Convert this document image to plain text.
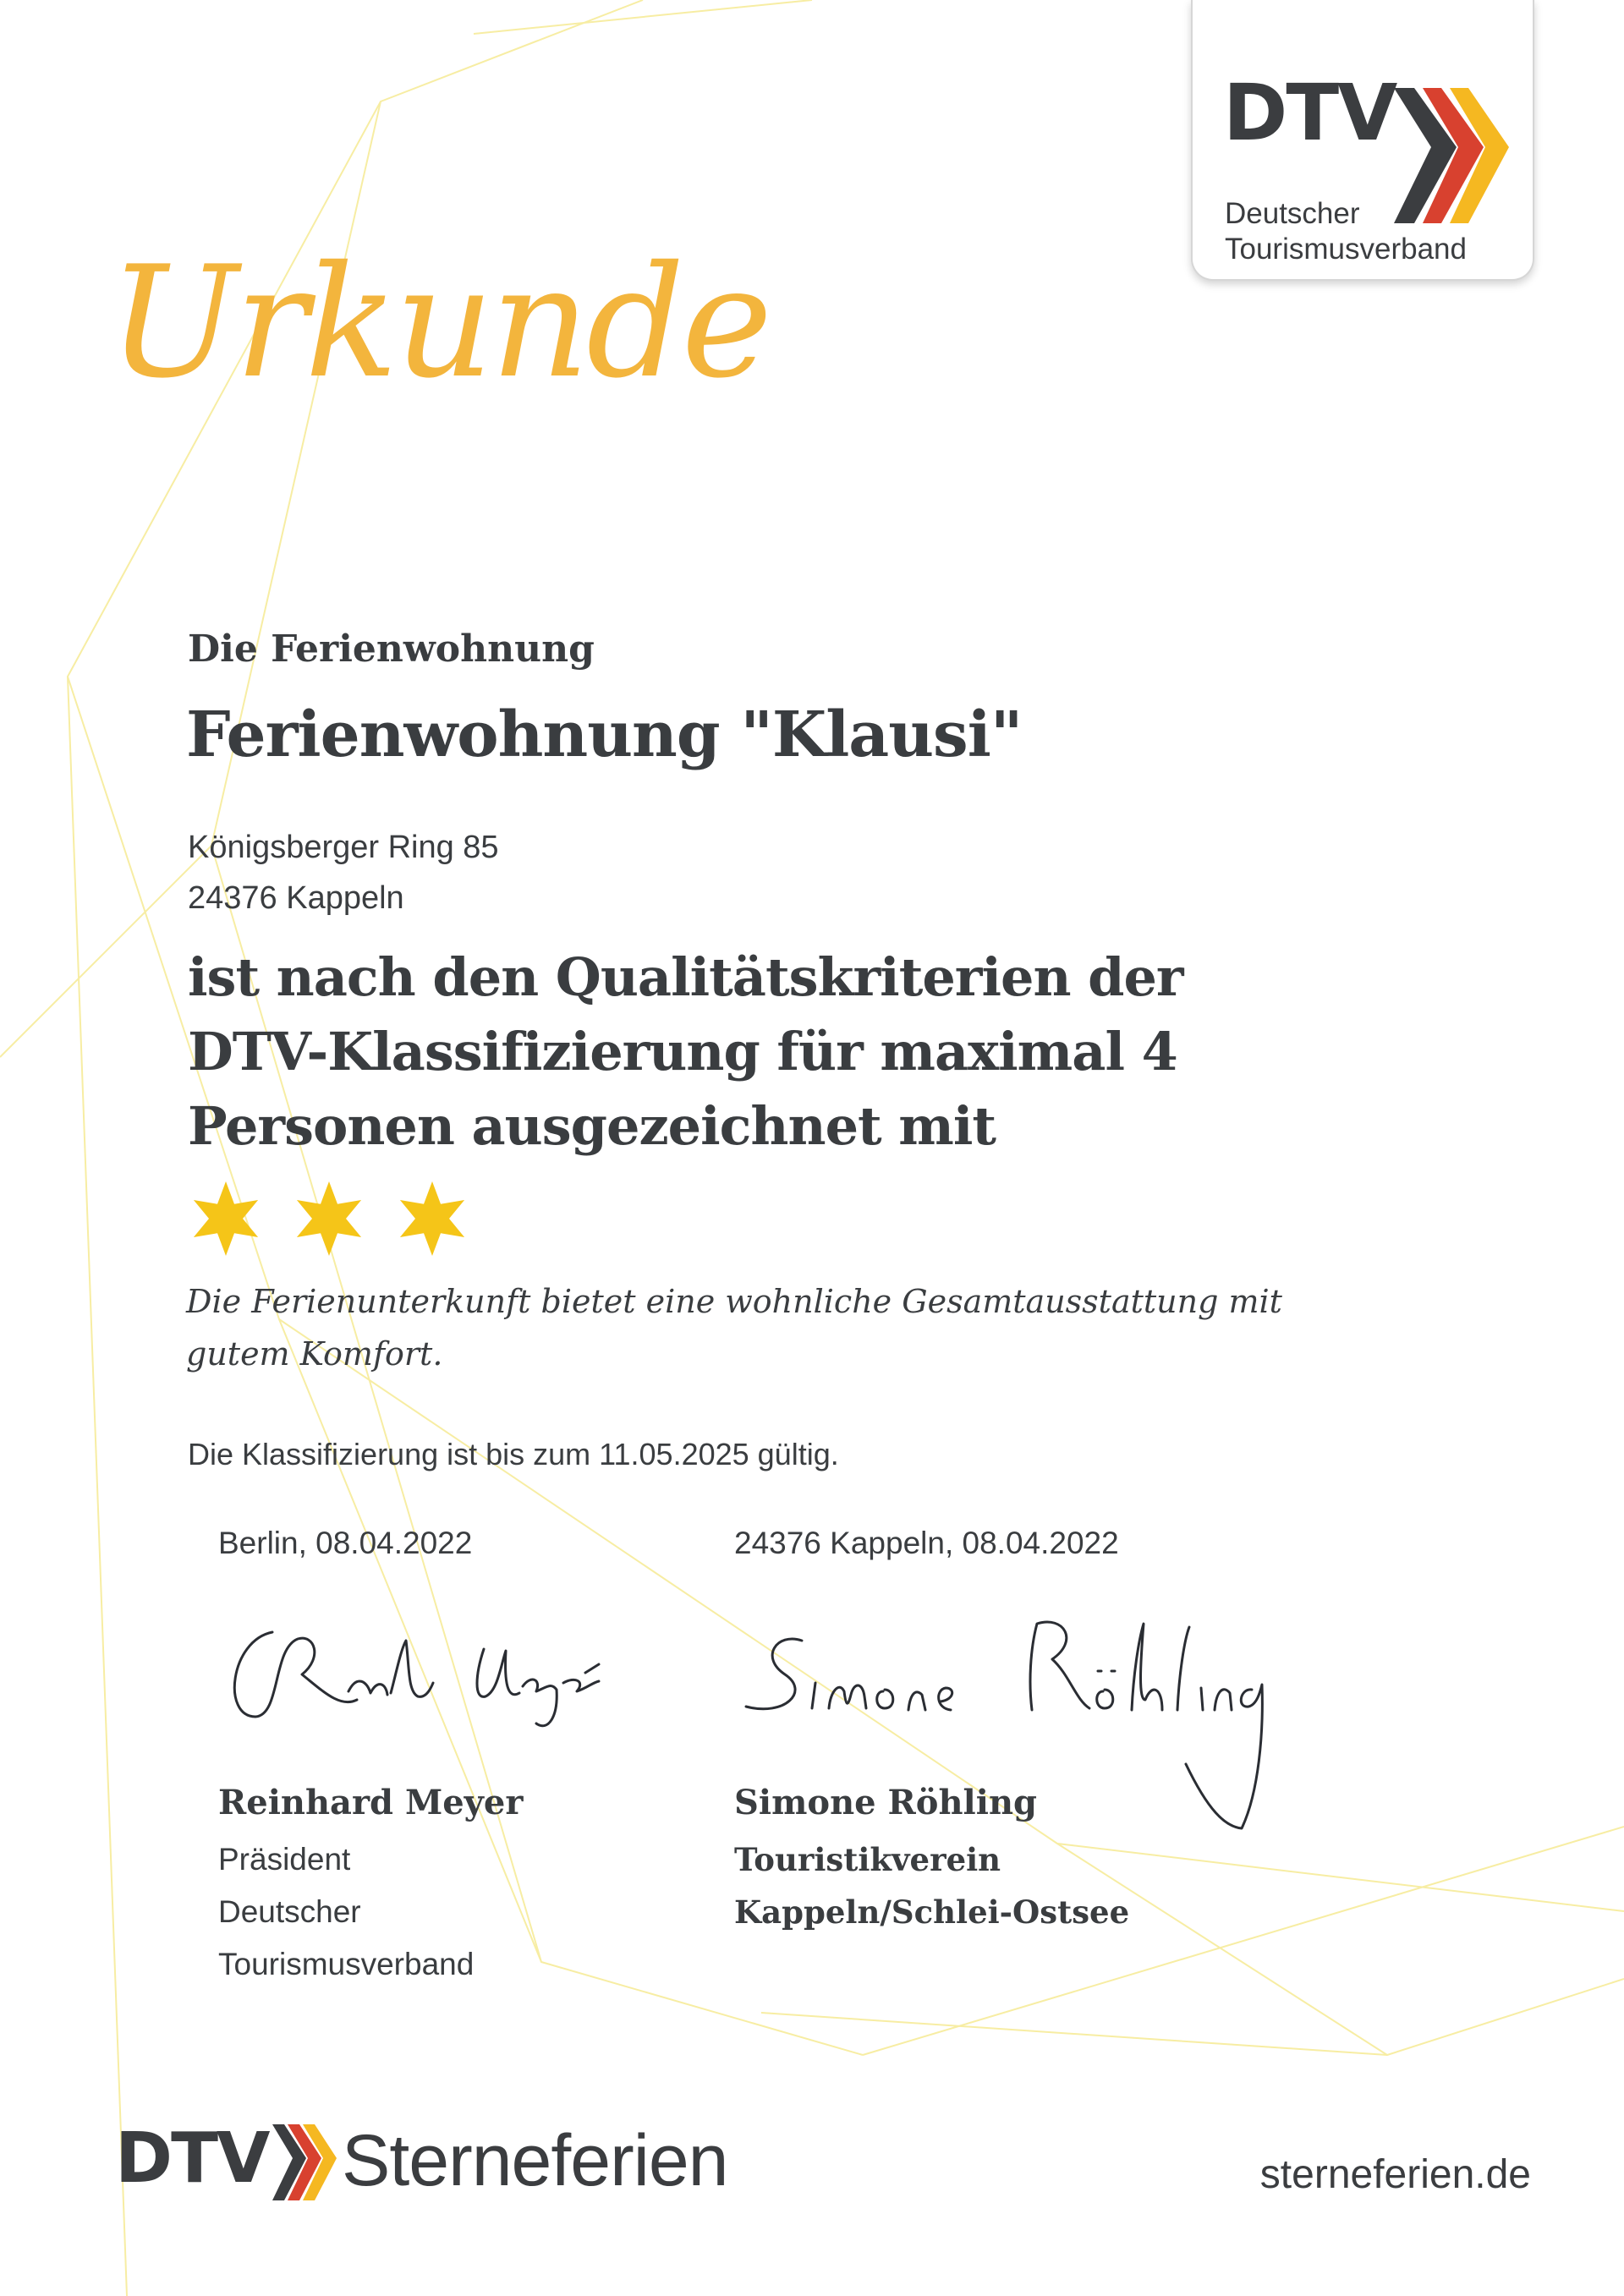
DTV
Deutscher
Tourismusverband
Urkunde
Die Ferienwohnung
Ferienwohnung "Klausi"
Königsberger Ring 85
24376 Kappeln
ist nach den Qualitätskriterien der
DTV-Klassifizierung für maximal 4
Personen ausgezeichnet mit
Die Ferienunterkunft bietet eine wohnliche Gesamtausstattung mit
gutem Komfort.
Die Klassifizierung ist bis zum 11.05.2025 gültig.
Berlin, 08.04.2022	24376 Kappeln, 08.04.2022
Reinhard Meyer
Präsident
Deutscher
Tourismusverband
Simone Röhling
Touristikverein
Kappeln/Schlei-Ostsee
DTV Sterneferien	sterneferien.de
